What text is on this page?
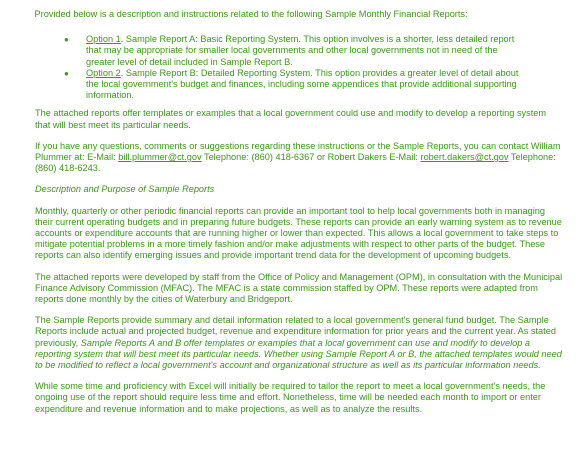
Provided below is a description and instructions related to the following Sample Monthly Financial Reports:

● Option 1. Sample Report A: Basic Reporting System. This option involves is a shorter, less detailed report that may be appropriate for smaller local governments and other local governments not in need of the greater level of detail included in Sample Report B.
● Option 2. Sample Report B: Detailed Reporting System. This option provides a greater level of detail about the local government's budget and finances, including some appendices that provide additional supporting information.

The attached reports offer templates or examples that a local government could use and modify to develop a reporting system that will best meet its particular needs.

If you have any questions, comments or suggestions regarding these instructions or the Sample Reports, you can contact William Plummer at: E-Mail: bill.plummer@ct.gov Telephone: (860) 418-6367 or Robert Dakers E-Mail: robert.dakers@ct.gov Telephone: (860) 418-6243.

Description and Purpose of Sample Reports

Monthly, quarterly or other periodic financial reports can provide an important tool to help local governments both in managing their current operating budgets and in preparing future budgets. These reports can provide an early warning system as to revenue accounts or expenditure accounts that are running higher or lower than expected. This allows a local government to take steps to mitigate potential problems in a more timely fashion and/or make adjustments with respect to other parts of the budget. These reports can also identify emerging issues and provide important trend data for the development of upcoming budgets.

The attached reports were developed by staff from the Office of Policy and Management (OPM), in consultation with the Municipal Finance Advisory Commission (MFAC). The MFAC is a state commission staffed by OPM. These reports were adapted from reports done monthly by the cities of Waterbury and Bridgeport.

The Sample Reports provide summary and detail information related to a local government's general fund budget. The Sample Reports include actual and projected budget, revenue and expenditure information for prior years and the current year. As stated previously, Sample Reports A and B offer templates or examples that a local government can use and modify to develop a reporting system that will best meet its particular needs. Whether using Sample Report A or B, the attached templates would need to be modified to reflect a local government's account and organizational structure as well as its particular information needs.

While some time and proficiency with Excel will initially be required to tailor the report to meet a local government's needs, the ongoing use of the report should require less time and effort. Nonetheless, time will be needed each month to import or enter expenditure and revenue information and to make projections, as well as to analyze the results.
